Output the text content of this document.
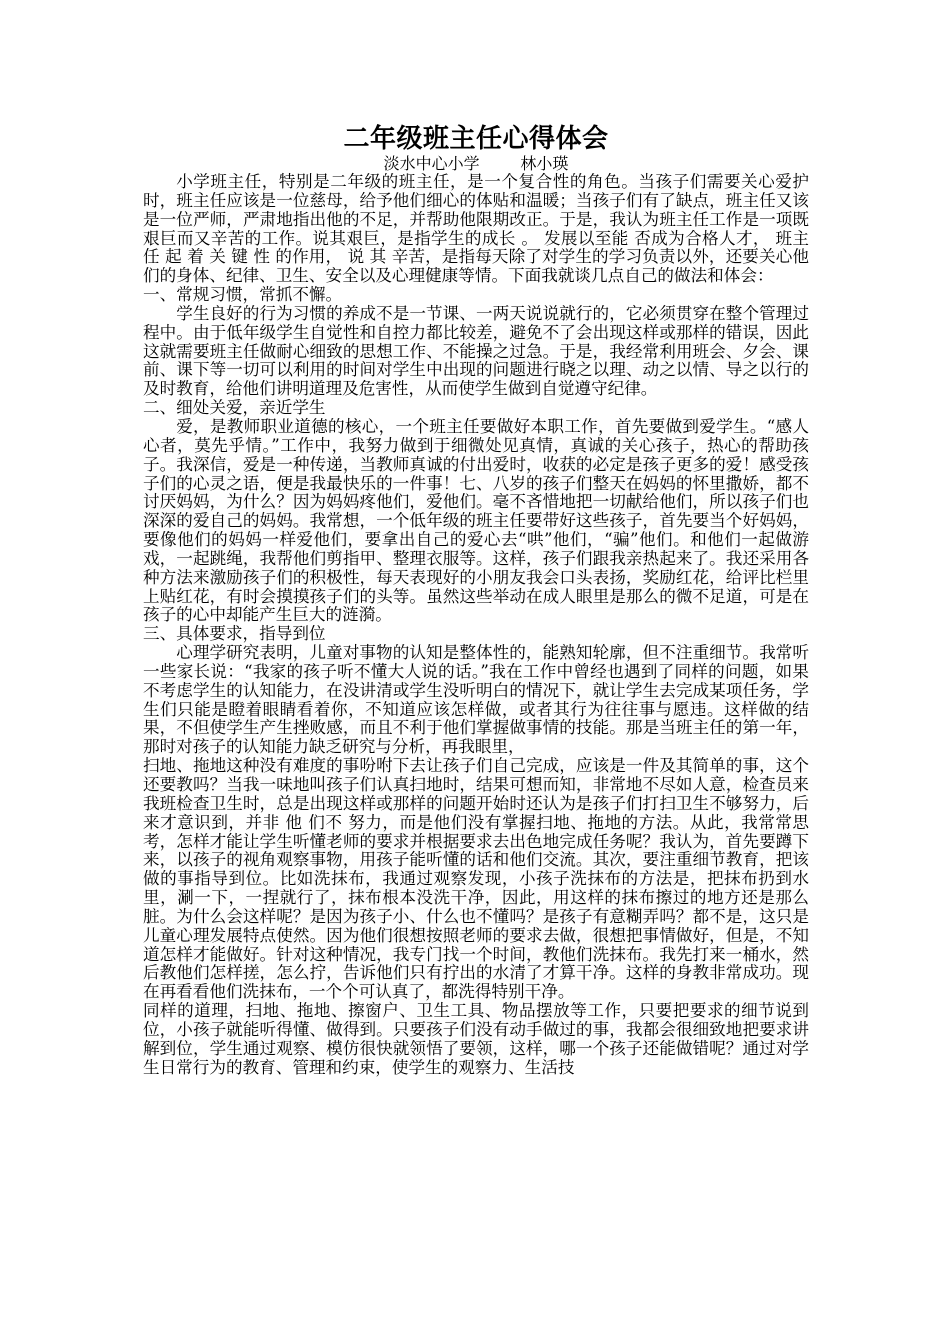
二年级班主任心得体会

淡水中心小学        林小瑛

小学班主任，特别是二年级的班主任，是一个复合性的角色。当孩子们需要关心爱护时，班主任应该是一位慈母，给予他们细心的体贴和温暖；当孩子们有了缺点，班主任又该是一位严师，严肃地指出他的不足，并帮助他限期改正。于是，我认为班主任工作是一项既艰巨而又辛苦的工作。说其艰巨，是指学生的成长 。 发展以至能 否成为合格人才， 班主任 起 着 关 键 性 的作用， 说 其 辛苦，是指每天除了对学生的学习负责以外，还要关心他们的身体、纪律、卫生、安全以及心理健康等情。下面我就谈几点自己的做法和体会：

一、常规习惯，常抓不懈。

学生良好的行为习惯的养成不是一节课、一两天说说就行的，它必须贯穿在整个管理过程中。由于低年级学生自觉性和自控力都比较差，避免不了会出现这样或那样的错误，因此这就需要班主任做耐心细致的思想工作、不能操之过急。于是，我经常利用班会、夕会、课前、课下等一切可以利用的时间对学生中出现的问题进行晓之以理、动之以情、导之以行的及时教育，给他们讲明道理及危害性，从而使学生做到自觉遵守纪律。

二、细处关爱，亲近学生

爱，是教师职业道德的核心，一个班主任要做好本职工作，首先要做到爱学生。“感人心者，莫先乎情。”工作中，我努力做到于细微处见真情，真诚的关心孩子，热心的帮助孩子。我深信，爱是一种传递，当教师真诚的付出爱时，收获的必定是孩子更多的爱！感受孩子们的心灵之语，便是我最快乐的一件事！七、八岁的孩子们整天在妈妈的怀里撒娇，都不讨厌妈妈，为什么？因为妈妈疼他们，爱他们。毫不吝惜地把一切献给他们，所以孩子们也深深的爱自己的妈妈。我常想，一个低年级的班主任要带好这些孩子，首先要当个好妈妈，要像他们的妈妈一样爱他们，要拿出自己的爱心去“哄”他们，“骗”他们。和他们一起做游戏，一起跳绳，我帮他们剪指甲、整理衣服等。这样，孩子们跟我亲热起来了。我还采用各种方法来激励孩子们的积极性，每天表现好的小朋友我会口头表扬，奖励红花，给评比栏里上贴红花，有时会摸摸孩子们的头等。虽然这些举动在成人眼里是那么的微不足道，可是在孩子的心中却能产生巨大的涟漪。

三、具体要求，指导到位

心理学研究表明，儿童对事物的认知是整体性的，能熟知轮廓，但不注重细节。我常听一些家长说：“我家的孩子听不懂大人说的话。”我在工作中曾经也遇到了同样的问题，如果不考虑学生的认知能力，在没讲清或学生没听明白的情况下，就让学生去完成某项任务，学生们只能是瞪着眼睛看着你，不知道应该怎样做，或者其行为往往事与愿违。这样做的结果，不但使学生产生挫败感，而且不利于他们掌握做事情的技能。那是当班主任的第一年，那时对孩子的认知能力缺乏研究与分析，再我眼里，

扫地、拖地这种没有难度的事吩咐下去让孩子们自己完成，应该是一件及其简单的事，这个还要教吗？当我一味地叫孩子们认真扫地时，结果可想而知，非常地不尽如人意，检查员来我班检查卫生时，总是出现这样或那样的问题开始时还认为是孩子们打扫卫生不够努力，后来才意识到，并非 他 们不 努力，而是他们没有掌握扫地、拖地的方法。从此，我常常思考，怎样才能让学生听懂老师的要求并根据要求去出色地完成任务呢？我认为，首先要蹲下来，以孩子的视角观察事物，用孩子能听懂的话和他们交流。其次，要注重细节教育，把该做的事指导到位。比如洗抹布，我通过观察发现，小孩子洗抹布的方法是，把抹布扔到水里，涮一下，一捏就行了，抹布根本没洗干净，因此，用这样的抹布擦过的地方还是那么脏。为什么会这样呢？是因为孩子小、什么也不懂吗？是孩子有意糊弄吗？都不是，这只是儿童心理发展特点使然。因为他们很想按照老师的要求去做，很想把事情做好，但是，不知道怎样才能做好。针对这种情况，我专门找一个时间，教他们洗抹布。我先打来一桶水，然后教他们怎样搓，怎么拧，告诉他们只有拧出的水清了才算干净。这样的身教非常成功。现在再看看他们洗抹布，一个个可认真了，都洗得特别干净。

同样的道理，扫地、拖地、擦窗户、卫生工具、物品摆放等工作，只要把要求的细节说到位，小孩子就能听得懂、做得到。只要孩子们没有动手做过的事，我都会很细致地把要求讲解到位，学生通过观察、模仿很快就领悟了要领，这样，哪一个孩子还能做错呢？通过对学生日常行为的教育、管理和约束，使学生的观察力、生活技
